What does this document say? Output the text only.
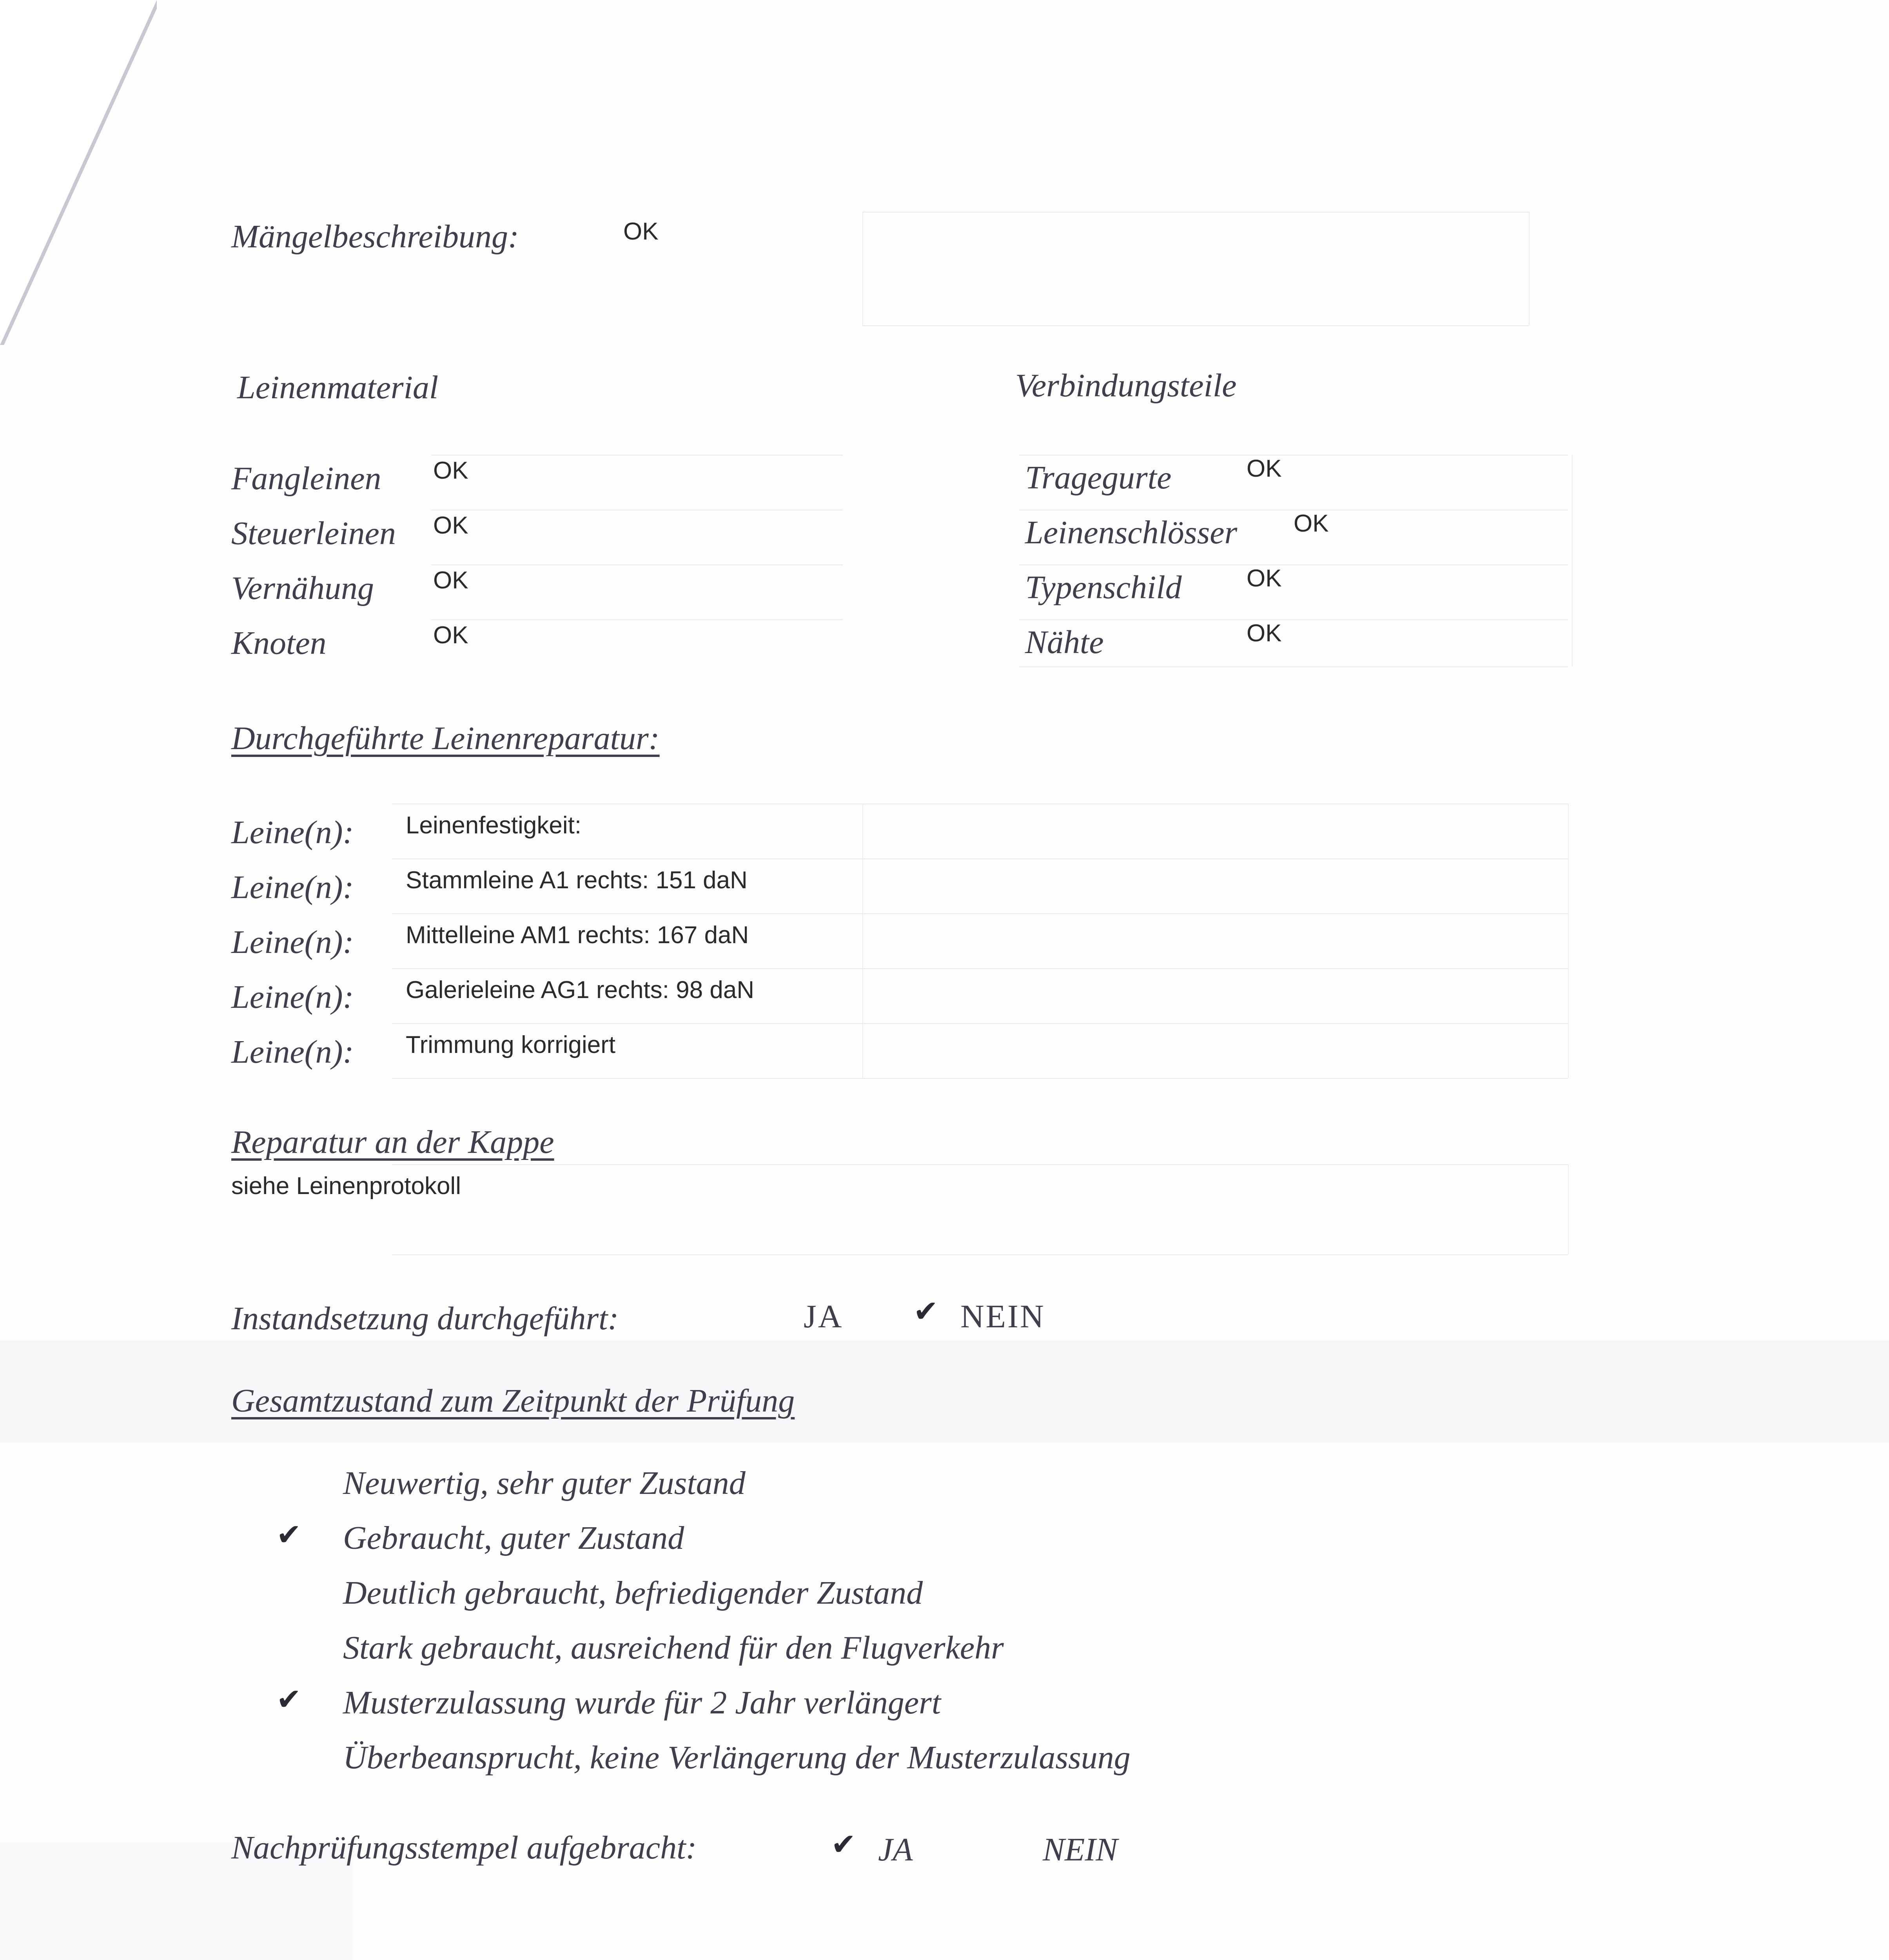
Mängelbeschreibung:	OK
Leinenmaterial
Fangleinen OK
Steuerleinen OK
Vernähung OK
Knoten	OK
Verbindungsteile
Tragegurte	OK
Leinenschlösser OK
Typenschild	OK
Nähte	OK
Durchgeführte Leinenreparatur:
Leine(n): Leinenfestigkeit:
Leine(n): Stammleine A1 rechts: 151 daN
Leine(n): Mittelleine AM1 rechts: 167 daN
Leine(n): Galerieleine AG1 rechts: 98 daN
Leine(n): Trimmung korrigiert
Reparatur an der Kappe
siehe Leinenprotokoll
Instandsetzung durchgeführt:	JA ✔ NEIN
Gesamtzustand zum Zeitpunkt der Prüfung
Neuwertig, sehr guter Zustand
✔ Gebraucht, guter Zustand
Deutlich gebraucht, befriedigender Zustand
Stark gebraucht, ausreichend für den Flugverkehr
✔ Musterzulassung wurde für 2 Jahr verlängert
Überbeansprucht, keine Verlängerung der Musterzulassung
Nachprüfungsstempel aufgebracht:	✔ JA	NEIN
